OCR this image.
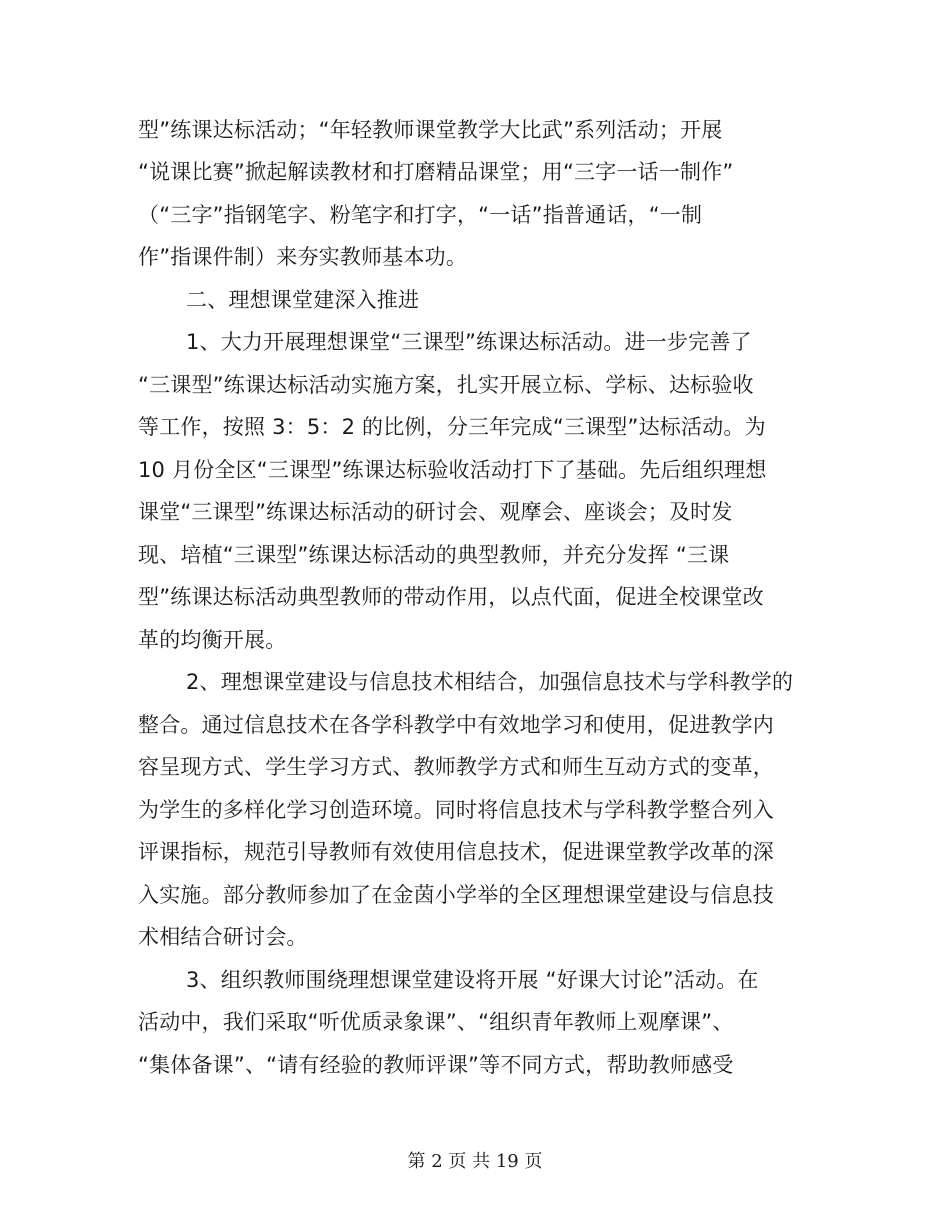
型”练课达标活动；“年轻教师课堂教学大比武”系列活动；开展
“说课比赛”掀起解读教材和打磨精品课堂；用“三字一话一制作”
（“三字”指钢笔字、粉笔字和打字，“一话”指普通话，“一制
作”指课件制）来夯实教师基本功。
二、理想课堂建深入推进
1、大力开展理想课堂“三课型”练课达标活动。进一步完善了
“三课型”练课达标活动实施方案，扎实开展立标、学标、达标验收
等工作，按照 3：5：2 的比例，分三年完成“三课型”达标活动。为
10 月份全区“三课型”练课达标验收活动打下了基础。先后组织理想
课堂“三课型”练课达标活动的研讨会、观摩会、座谈会；及时发
现、培植“三课型”练课达标活动的典型教师，并充分发挥 “三课
型”练课达标活动典型教师的带动作用，以点代面，促进全校课堂改
革的均衡开展。
2、理想课堂建设与信息技术相结合，加强信息技术与学科教学的
整合。通过信息技术在各学科教学中有效地学习和使用，促进教学内
容呈现方式、学生学习方式、教师教学方式和师生互动方式的变革，
为学生的多样化学习创造环境。同时将信息技术与学科教学整合列入
评课指标，规范引导教师有效使用信息技术，促进课堂教学改革的深
入实施。部分教师参加了在金茵小学举的全区理想课堂建设与信息技
术相结合研讨会。
3、组织教师围绕理想课堂建设将开展 “好课大讨论”活动。在
活动中，我们采取“听优质录象课”、“组织青年教师上观摩课”、
“集体备课”、“请有经验的教师评课”等不同方式，帮助教师感受
第 2 页 共 19 页
